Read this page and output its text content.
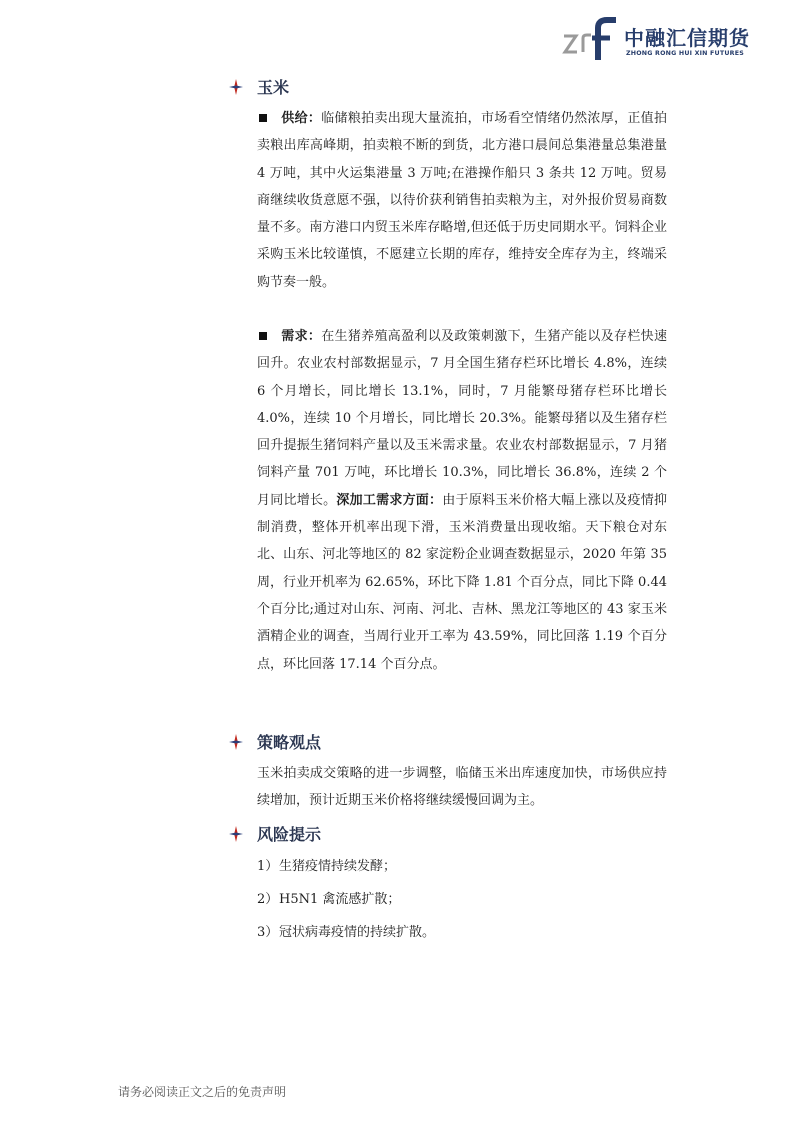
中融汇信期货
ZHONG RONG HUI XIN FUTURES
玉米

供给：临储粮拍卖出现大量流拍，市场看空情绪仍然浓厚，正值拍卖粮出库高峰期，拍卖粮不断的到货，北方港口晨间总集港量总集港量 4 万吨，其中火运集港量 3 万吨;在港操作船只 3 条共 12 万吨。贸易商继续收货意愿不强，以待价获利销售拍卖粮为主，对外报价贸易商数量不多。南方港口内贸玉米库存略增,但还低于历史同期水平。饲料企业采购玉米比较谨慎，不愿建立长期的库存，维持安全库存为主，终端采购节奏一般。

需求：在生猪养殖高盈利以及政策刺激下，生猪产能以及存栏快速回升。农业农村部数据显示，7 月全国生猪存栏环比增长 4.8%，连续 6 个月增长，同比增长 13.1%，同时，7 月能繁母猪存栏环比增长 4.0%，连续 10 个月增长，同比增长 20.3%。能繁母猪以及生猪存栏回升提振生猪饲料产量以及玉米需求量。农业农村部数据显示，7 月猪饲料产量 701 万吨，环比增长 10.3%，同比增长 36.8%，连续 2 个月同比增长。深加工需求方面：由于原料玉米价格大幅上涨以及疫情抑制消费，整体开机率出现下滑，玉米消费量出现收缩。天下粮仓对东北、山东、河北等地区的 82 家淀粉企业调查数据显示，2020 年第 35 周，行业开机率为 62.65%，环比下降 1.81 个百分点，同比下降 0.44 个百分比;通过对山东、河南、河北、吉林、黑龙江等地区的 43 家玉米酒精企业的调查，当周行业开工率为 43.59%，同比回落 1.19 个百分点，环比回落 17.14 个百分点。

策略观点

玉米拍卖成交策略的进一步调整，临储玉米出库速度加快，市场供应持续增加，预计近期玉米价格将继续缓慢回调为主。

风险提示
1）生猪疫情持续发酵；
2）H5N1 禽流感扩散；
3）冠状病毒疫情的持续扩散。
请务必阅读正文之后的免责声明
